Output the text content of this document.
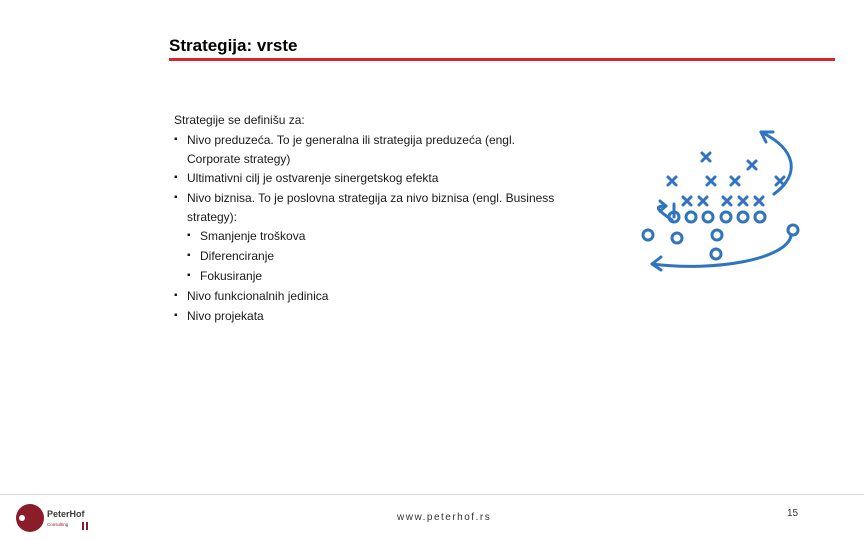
Strategija: vrste

Strategije se definišu za:

▪ Nivo preduzeća. To je generalna ili strategija preduzeća (engl.
Corporate strategy)
▪ Ultimativni cilj je ostvarenje sinergetskog efekta
▪ Nivo biznisa. To je poslovna strategija za nivo biznisa (engl. Business
strategy):
▪ Smanjenje troškova
▪ Diferenciranje
▪ Fokusiranje
▪ Nivo funkcionalnih jedinica
▪ Nivo projekata
PeterHof
Consulting
www.peterhof.rs	15
